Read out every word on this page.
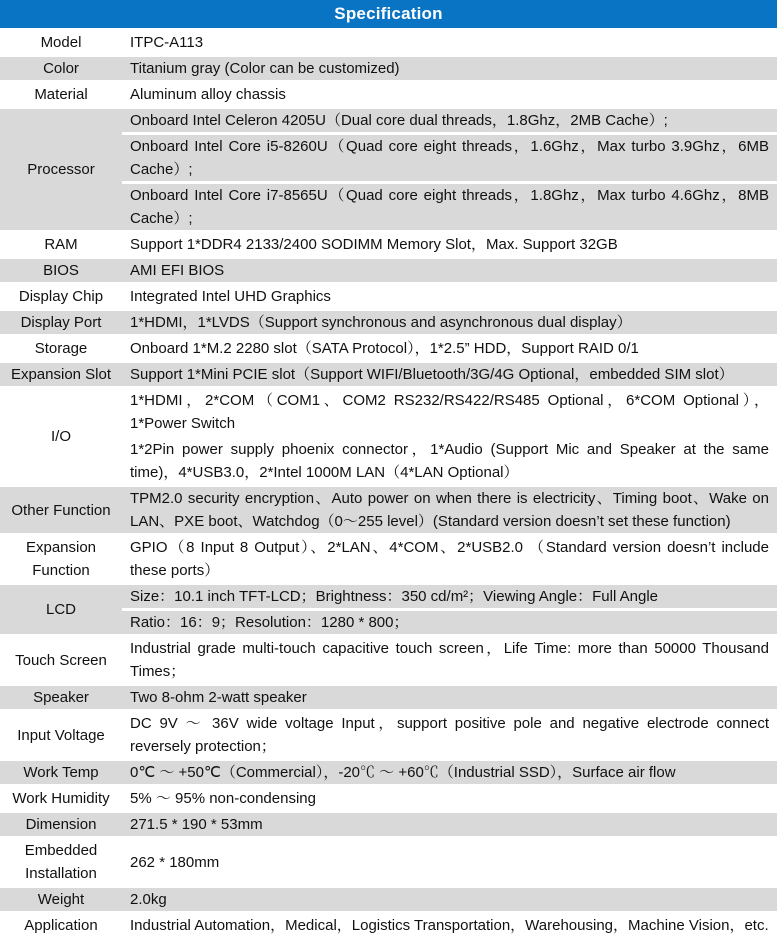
Specification
Model	ITPC-A113
Color	Titanium gray (Color can be customized)
Material	Aluminum alloy chassis
Processor	Onboard Intel Celeron 4205U（Dual core dual threads，1.8Ghz，2MB Cache）;
Onboard Intel Core i5-8260U（Quad core eight threads，1.6Ghz，Max turbo 3.9Ghz，6MB Cache）;
Onboard Intel Core i7-8565U（Quad core eight threads，1.8Ghz，Max turbo 4.6Ghz，8MB Cache）;

RAM	Support 1*DDR4 2133/2400 SODIMM Memory Slot，Max. Support 32GB
BIOS	AMI EFI BIOS
Display Chip	Integrated Intel UHD Graphics
Display Port	1*HDMI，1*LVDS（Support synchronous and asynchronous dual display）
Storage	Onboard 1*M.2 2280 slot（SATA Protocol），1*2.5” HDD，Support RAID 0/1
Expansion Slot	Support 1*Mini PCIE slot（Support WIFI/Bluetooth/3G/4G Optional，embedded SIM slot）
I/O	1*HDMI，2*COM（COM1、COM2 RS232/RS422/RS485 Optional，6*COM Optional），1*Power Switch
1*2Pin power supply phoenix connector，1*Audio (Support Mic and Speaker at the same time)，4*USB3.0，2*Intel 1000M LAN（4*LAN Optional）

Other Function	TPM2.0 security encryption、Auto power on when there is electricity、Timing boot、Wake on LAN、PXE boot、Watchdog（0～255 level）(Standard version doesn’t set these function)
Expansion Function	GPIO（8 Input 8 Output）、2*LAN、4*COM、2*USB2.0 （Standard version doesn’t include these ports）
LCD	Size：10.1 inch TFT-LCD；Brightness：350 cd/m²；Viewing Angle：Full Angle
Ratio：16：9；Resolution：1280 * 800；

Touch Screen	Industrial grade multi-touch capacitive touch screen，Life Time: more than 50000 Thousand Times；
Speaker	Two 8-ohm 2-watt speaker
Input Voltage	DC 9V ～ 36V wide voltage Input，support positive pole and negative electrode connect reversely protection；
Work Temp	0℃ ～ +50℃（Commercial），-20℃ ～ +60℃（Industrial SSD），Surface air flow
Work Humidity	5% ～ 95% non-condensing
Dimension	271.5 * 190 * 53mm
Embedded Installation	262 * 180mm
Weight	2.0kg
Application	Industrial Automation，Medical，Logistics Transportation，Warehousing，Machine Vision，etc.
